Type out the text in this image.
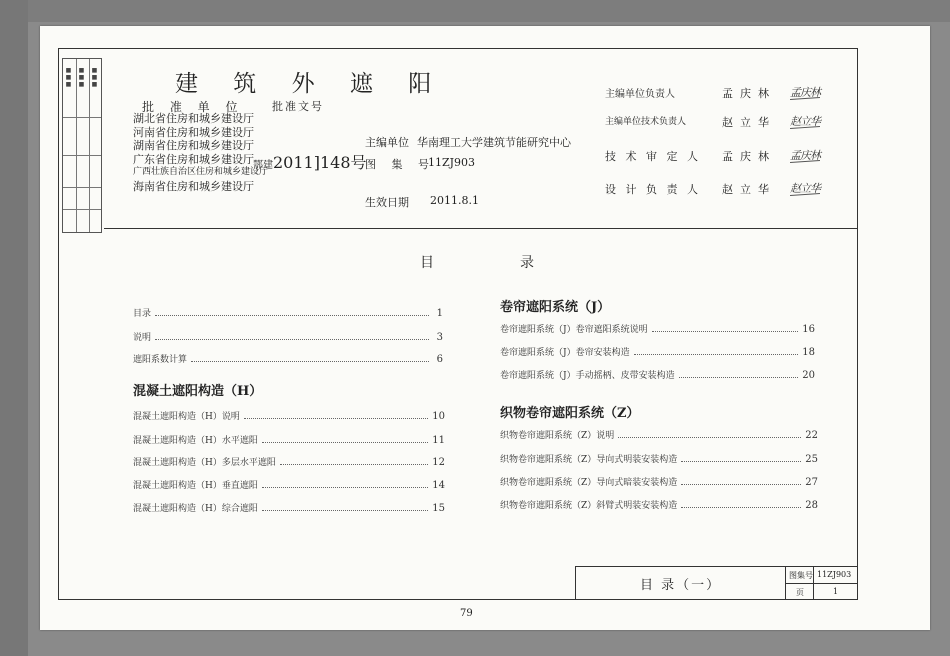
■■■ ■■■ ■■■	建 筑 外 遮 阳
批 准 单 位	批准文号
湖北省住房和城乡建设厅
河南省住房和城乡建设厅
湖南省住房和城乡建设厅
广东省住房和城乡建设厅
广西壮族自治区住房和城乡建设厅
海南省住房和城乡建设厅
鄂建2011]148号
主编单位 华南理工大学建筑节能研究中心
图 集 号
11ZJ903
生效日期 2011.8.1
主编单位负责人	孟庆林 孟庆林
主编单位技术负责人	赵立华 赵立华
技 术 审 定 人 孟庆林 孟庆林
设 计 负 责 人 赵立华 赵立华
目	录
目录	1
说明	3
遮阳系数计算	6
混凝土遮阳构造（H）
混凝土遮阳构造（H）说明	10
混凝土遮阳构造（H）水平遮阳	11
混凝土遮阳构造（H）多层水平遮阳	12
混凝土遮阳构造（H）垂直遮阳	14
混凝土遮阳构造（H）综合遮阳	15
卷帘遮阳系统（J）
卷帘遮阳系统（J）卷帘遮阳系统说明	16
卷帘遮阳系统（J）卷帘安装构造	18
卷帘遮阳系统（J）手动摇柄、皮带安装构造	20
织物卷帘遮阳系统（Z）
织物卷帘遮阳系统（Z）说明	22
织物卷帘遮阳系统（Z）导向式明装安装构造	25
织物卷帘遮阳系统（Z）导向式暗装安装构造	27
织物卷帘遮阳系统（Z）斜臂式明装安装构造	28
目 录（一）
图集号 11ZJ903
页	1
79
